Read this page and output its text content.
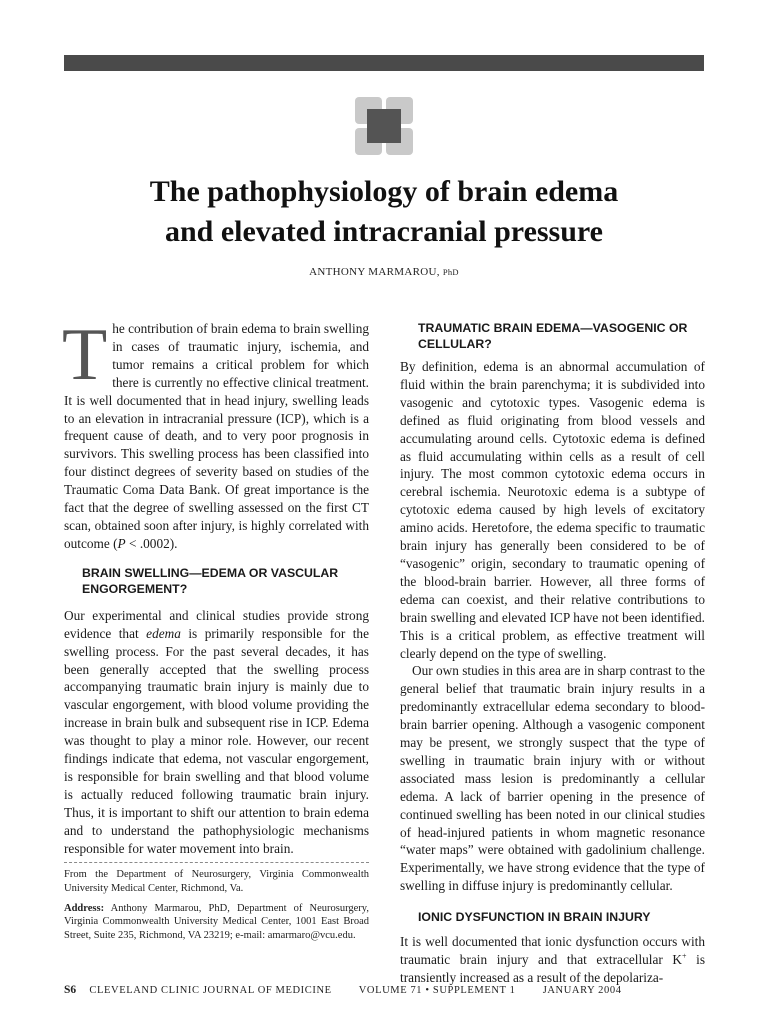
The pathophysiology of brain edema
and elevated intracranial pressure
ANTHONY MARMAROU, PhD

The contribution of brain edema to brain swelling in cases of traumatic injury, ischemia, and tumor remains a critical problem for which there is currently no effective clinical treatment. It is well documented that in head injury, swelling leads to an elevation in intracranial pressure (ICP), which is a frequent cause of death, and to very poor prognosis in survivors. This swelling process has been classified into four distinct degrees of severity based on studies of the Traumatic Coma Data Bank. Of great importance is the fact that the degree of swelling assessed on the first CT scan, obtained soon after injury, is highly correlated with outcome (P < .0002).

BRAIN SWELLING—EDEMA OR VASCULAR ENGORGEMENT?

Our experimental and clinical studies provide strong evidence that edema is primarily responsible for the swelling process. For the past several decades, it has been generally accepted that the swelling process accompanying traumatic brain injury is mainly due to vascular engorgement, with blood volume providing the increase in brain bulk and subsequent rise in ICP. Edema was thought to play a minor role. However, our recent findings indicate that edema, not vascular engorgement, is responsible for brain swelling and that blood volume is actually reduced following traumatic brain injury. Thus, it is important to shift our attention to brain edema and to understand the pathophysiologic mechanisms responsible for water movement into brain.

From the Department of Neurosurgery, Virginia Commonwealth University Medical Center, Richmond, Va.

Address: Anthony Marmarou, PhD, Department of Neurosurgery, Virginia Commonwealth University Medical Center, 1001 East Broad Street, Suite 235, Richmond, VA 23219; e-mail: amarmaro@vcu.edu.

TRAUMATIC BRAIN EDEMA—VASOGENIC OR CELLULAR?

By definition, edema is an abnormal accumulation of fluid within the brain parenchyma; it is subdivided into vasogenic and cytotoxic types. Vasogenic edema is defined as fluid originating from blood vessels and accumulating around cells. Cytotoxic edema is defined as fluid accumulating within cells as a result of cell injury. The most common cytotoxic edema occurs in cerebral ischemia. Neurotoxic edema is a subtype of cytotoxic edema caused by high levels of excitatory amino acids. Heretofore, the edema specific to traumatic brain injury has generally been considered to be of “vasogenic” origin, secondary to traumatic opening of the blood-brain barrier. However, all three forms of edema can coexist, and their relative contributions to brain swelling and elevated ICP have not been identified. This is a critical problem, as effective treatment will clearly depend on the type of swelling.

Our own studies in this area are in sharp contrast to the general belief that traumatic brain injury results in a predominantly extracellular edema secondary to blood-brain barrier opening. Although a vasogenic component may be present, we strongly suspect that the type of swelling in traumatic brain injury with or without associated mass lesion is predominantly a cellular edema. A lack of barrier opening in the presence of continued swelling has been noted in our clinical studies of head-injured patients in whom magnetic resonance “water maps” were obtained with gadolinium challenge. Experimentally, we have strong evidence that the type of swelling in diffuse injury is predominantly cellular.

IONIC DYSFUNCTION IN BRAIN INJURY

It is well documented that ionic dysfunction occurs with traumatic brain injury and that extracellular K+ is transiently increased as a result of the depolariza-

S6 CLEVELAND CLINIC JOURNAL OF MEDICINE	VOLUME 71 • SUPPLEMENT 1	JANUARY 2004
